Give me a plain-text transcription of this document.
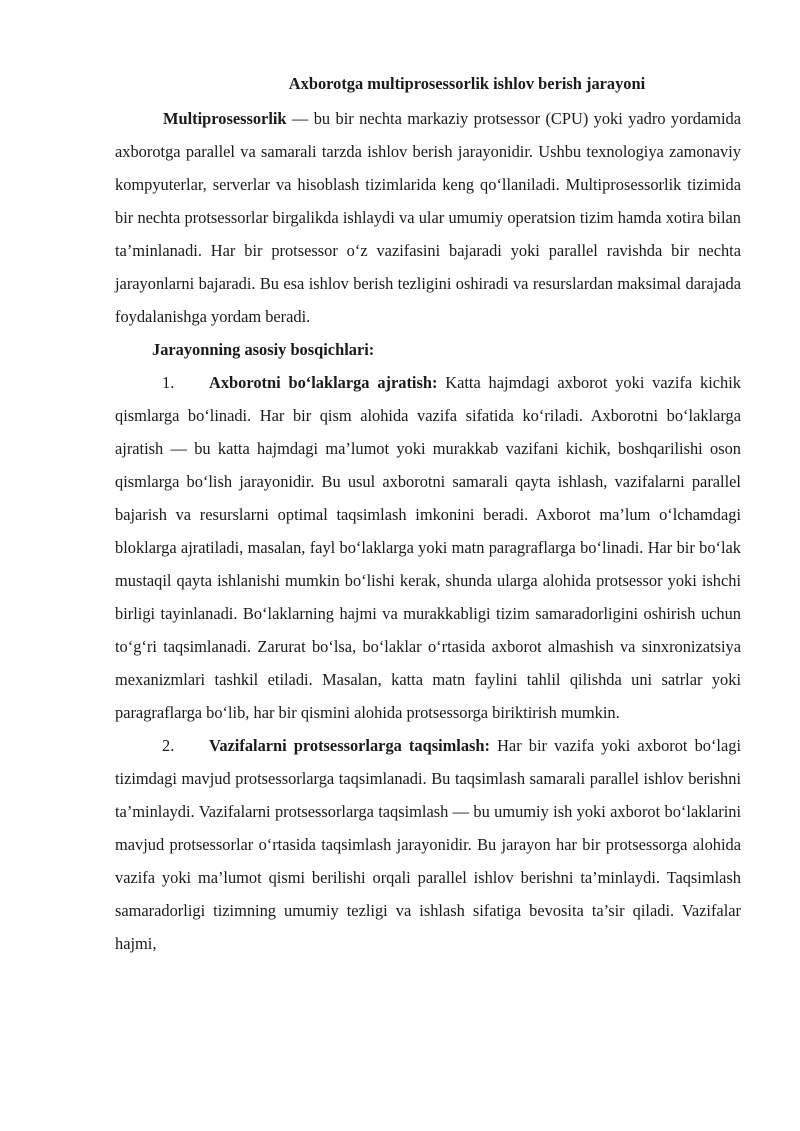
Axborotga multiprosessorlik ishlov berish jarayoni

Multiprosessorlik — bu bir nechta markaziy protsessor (CPU) yoki yadro yordamida axborotga parallel va samarali tarzda ishlov berish jarayonidir. Ushbu texnologiya zamonaviy kompyuterlar, serverlar va hisoblash tizimlarida keng qo‘llaniladi. Multiprosessorlik tizimida bir nechta protsessorlar birgalikda ishlaydi va ular umumiy operatsion tizim hamda xotira bilan ta’minlanadi. Har bir protsessor o‘z vazifasini bajaradi yoki parallel ravishda bir nechta jarayonlarni bajaradi. Bu esa ishlov berish tezligini oshiradi va resurslardan maksimal darajada foydalanishga yordam beradi.

Jarayonning asosiy bosqichlari:

1. Axborotni bo‘laklarga ajratish: Katta hajmdagi axborot yoki vazifa kichik qismlarga bo‘linadi. Har bir qism alohida vazifa sifatida ko‘riladi. Axborotni bo‘laklarga ajratish — bu katta hajmdagi ma’lumot yoki murakkab vazifani kichik, boshqarilishi oson qismlarga bo‘lish jarayonidir. Bu usul axborotni samarali qayta ishlash, vazifalarni parallel bajarish va resurslarni optimal taqsimlash imkonini beradi. Axborot ma’lum o‘lchamdagi bloklarga ajratiladi, masalan, fayl bo‘laklarga yoki matn paragraflarga bo‘linadi. Har bir bo‘lak mustaqil qayta ishlanishi mumkin bo‘lishi kerak, shunda ularga alohida protsessor yoki ishchi birligi tayinlanadi. Bo‘laklarning hajmi va murakkabligi tizim samaradorligini oshirish uchun to‘g‘ri taqsimlanadi. Zarurat bo‘lsa, bo‘laklar o‘rtasida axborot almashish va sinxronizatsiya mexanizmlari tashkil etiladi. Masalan, katta matn faylini tahlil qilishda uni satrlar yoki paragraflarga bo‘lib, har bir qismini alohida protsessorga biriktirish mumkin.

2. Vazifalarni protsessorlarga taqsimlash: Har bir vazifa yoki axborot bo‘lagi tizimdagi mavjud protsessorlarga taqsimlanadi. Bu taqsimlash samarali parallel ishlov berishni ta’minlaydi. Vazifalarni protsessorlarga taqsimlash — bu umumiy ish yoki axborot bo‘laklarini mavjud protsessorlar o‘rtasida taqsimlash jarayonidir. Bu jarayon har bir protsessorga alohida vazifa yoki ma’lumot qismi berilishi orqali parallel ishlov berishni ta’minlaydi. Taqsimlash samaradorligi tizimning umumiy tezligi va ishlash sifatiga bevosita ta’sir qiladi. Vazifalar hajmi,
